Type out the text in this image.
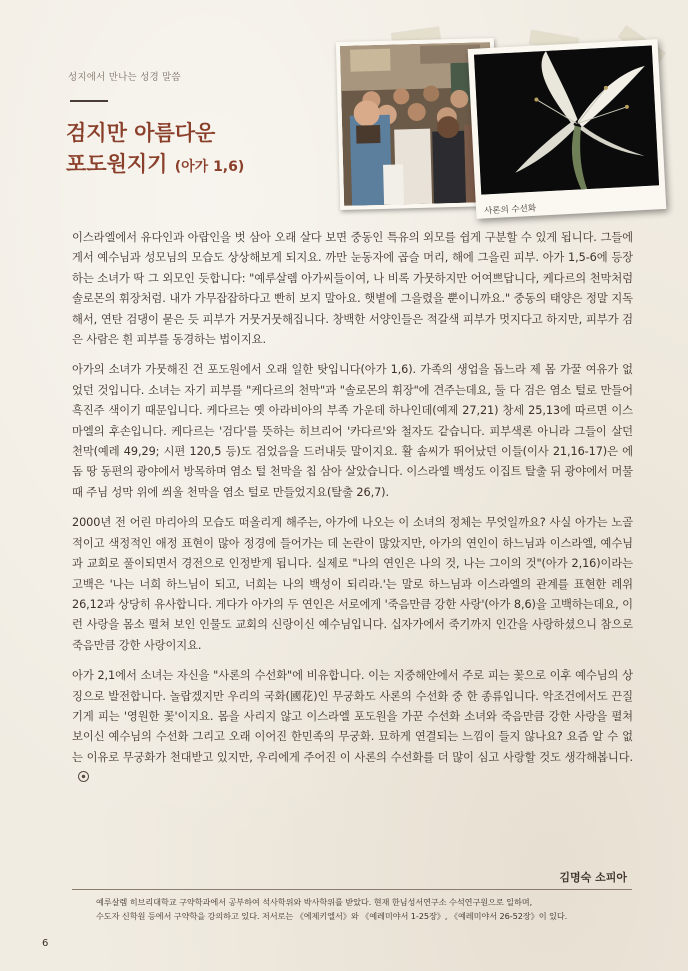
성지에서 만나는 성경 말씀
검지만 아름다운
포도원지기 (아가 1,6)
사론의 수선화

이스라엘에서 유다인과 아랍인을 벗 삼아 오래 살다 보면 중동인 특유의 외모를 쉽게 구분할 수 있게 됩니다. 그들에게서 예수님과 성모님의 모습도 상상해보게 되지요. 까만 눈동자에 곱슬 머리, 해에 그을린 피부. 아가 1,5-6에 등장하는 소녀가 딱 그 외모인 듯합니다: "예루살렘 아가씨들이여, 나 비록 가뭇하지만 어여쁘답니다, 케다르의 천막처럼 솔로몬의 휘장처럼. 내가 가무잡잡하다고 빤히 보지 말아요. 햇볕에 그을렸을 뿐이니까요." 중동의 태양은 정말 지독해서, 연탄 검댕이 묻은 듯 피부가 거뭇거뭇해집니다. 창백한 서양인들은 적갈색 피부가 멋지다고 하지만, 피부가 검은 사람은 흰 피부를 동경하는 법이지요.

아가의 소녀가 가뭇해진 건 포도원에서 오래 일한 탓입니다(아가 1,6). 가족의 생업을 돕느라 제 몸 가꿀 여유가 없었던 것입니다. 소녀는 자기 피부를 "케다르의 천막"과 "솔로몬의 휘장"에 견주는데요, 둘 다 검은 염소 털로 만들어 흑진주 색이기 때문입니다. 케다르는 옛 아라비아의 부족 가운데 하나인데(예제 27,21) 창세 25,13에 따르면 이스마엘의 후손입니다. 케다르는 '검다'를 뜻하는 히브리어 '카다르'와 철자도 같습니다. 피부색론 아니라 그들이 살던 천막(예레 49,29; 시편 120,5 등)도 검었음을 드러내듯 말이지요. 활 솜씨가 뛰어났던 이들(이사 21,16-17)은 에돔 땅 동편의 광야에서 방목하며 염소 털 천막을 칩 삼아 살았습니다. 이스라엘 백성도 이집트 탈출 뒤 광야에서 머물 때 주님 성막 위에 씌울 천막을 염소 털로 만들었지요(탈출 26,7).

2000년 전 어린 마리아의 모습도 떠올리게 해주는, 아가에 나오는 이 소녀의 정체는 무엇일까요? 사실 아가는 노골적이고 색정적인 애정 표현이 많아 정경에 들어가는 데 논란이 많았지만, 아가의 연인이 하느님과 이스라엘, 예수님과 교회로 풀이되면서 경전으로 인정받게 됩니다. 실제로 "나의 연인은 나의 것, 나는 그이의 것"(아가 2,16)이라는 고백은 '나는 너희 하느님이 되고, 너희는 나의 백성이 되리라.'는 말로 하느님과 이스라엘의 관계를 표현한 레위 26,12과 상당히 유사합니다. 게다가 아가의 두 연인은 서로에게 '죽음만큼 강한 사랑'(아가 8,6)을 고백하는데요, 이런 사랑을 몸소 펼쳐 보인 인물도 교회의 신랑이신 예수님입니다. 십자가에서 죽기까지 인간을 사랑하셨으니 참으로 죽음만큼 강한 사랑이지요.

아가 2,1에서 소녀는 자신을 "사론의 수선화"에 비유합니다. 이는 지중해안에서 주로 피는 꽃으로 이후 예수님의 상징으로 발전합니다. 놀랍겠지만 우리의 국화(國花)인 무궁화도 사론의 수선화 중 한 종류입니다. 악조건에서도 끈질기게 피는 '영원한 꽃'이지요. 몸을 사리지 않고 이스라엘 포도원을 가꾼 수선화 소녀와 죽음만큼 강한 사랑을 펼쳐 보이신 예수님의 수선화 그리고 오래 이어진 한민족의 무궁화. 묘하게 연결되는 느낌이 들지 않나요? 요즘 알 수 없는 이유로 무궁화가 천대받고 있지만, 우리에게 주어진 이 사론의 수선화를 더 많이 심고 사랑할 것도 생각해봅니다.

김명숙 소피아
예루살렘 히브리대학교 구약학과에서 공부하여 석사학위와 박사학위를 받았다. 현재 한님성서연구소 수석연구원으로 일하며,
수도자 신학원 등에서 구약학을 강의하고 있다. 저서로는 《에제키엘서》와 《예레미야서 1-25장》, 《예레미야서 26-52장》이 있다.
6
